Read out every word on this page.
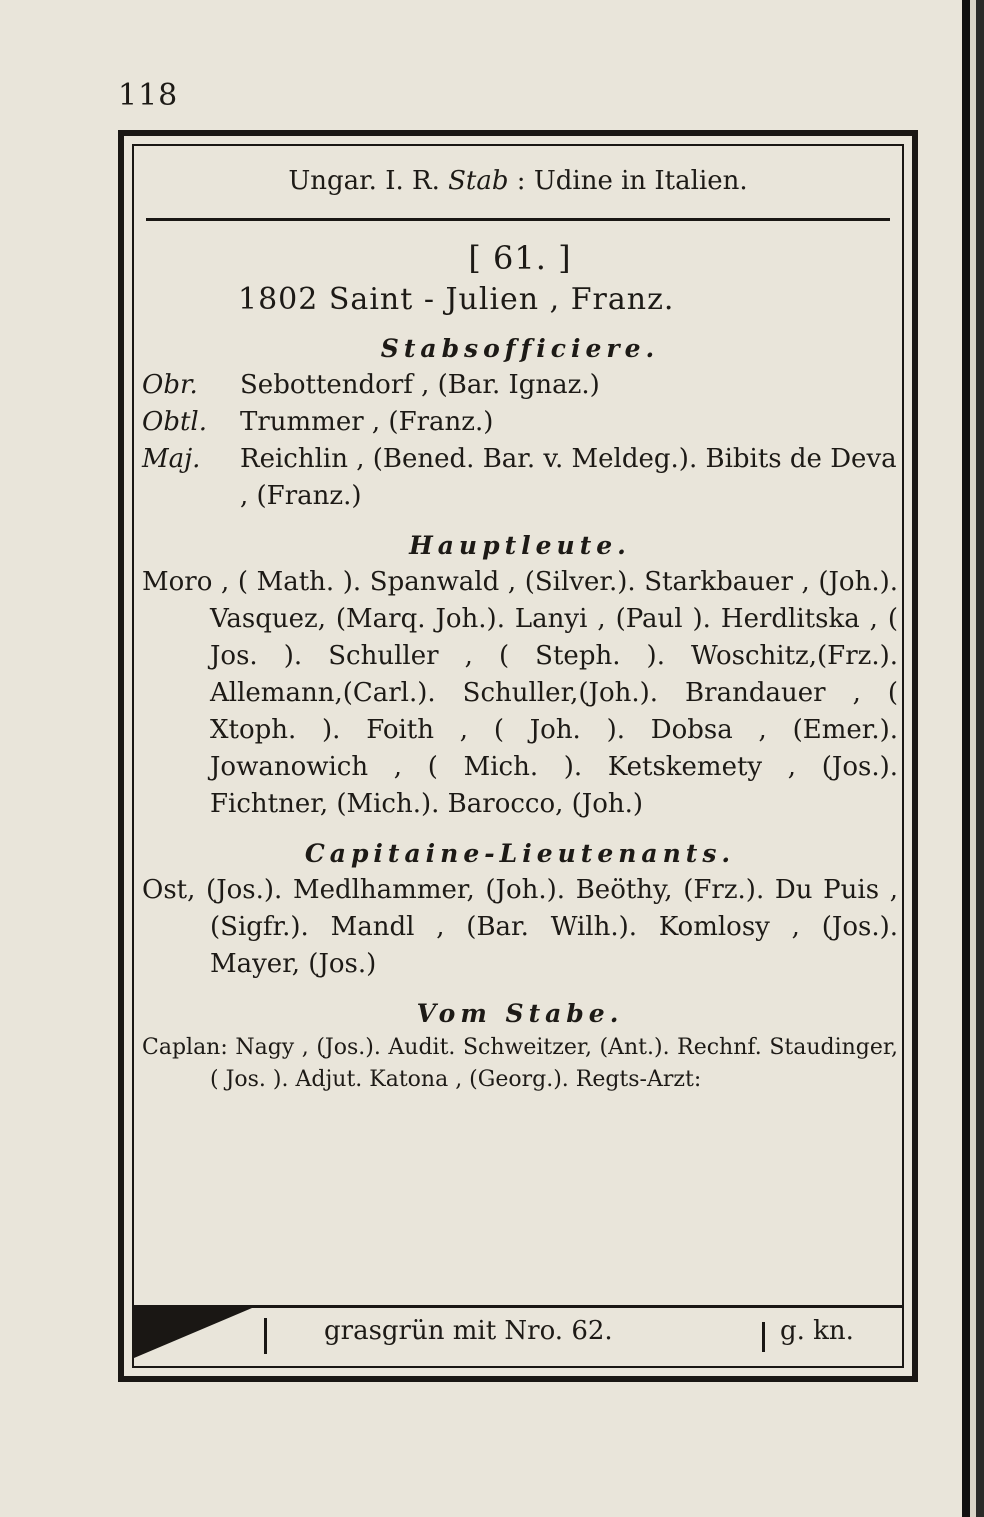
118
Ungar. I. R. Stab : Udine in Italien.
[ 61. ]
1802 Saint - Julien , Franz.
Stabsofficiere.
Obr.	Sebottendorf , (Bar. Ignaz.)
Obtl.	Trummer , (Franz.)
Maj.	Reichlin , (Bened. Bar. v. Meldeg.). Bibits de Deva , (Franz.)
Hauptleute.
Moro , ( Math. ). Spanwald , (Silver.). Starkbauer , (Joh.). Vasquez, (Marq. Joh.). Lanyi , (Paul ). Herdlitska , ( Jos. ). Schuller , ( Steph. ). Woschitz,(Frz.). Allemann,(Carl.). Schuller,(Joh.). Brandauer , ( Xtoph. ). Foith , ( Joh. ). Dobsa , (Emer.). Jowanowich , ( Mich. ). Ketskemety , (Jos.). Fichtner, (Mich.). Barocco, (Joh.)
Capitaine-Lieutenants.
Ost, (Jos.). Medlhammer, (Joh.). Beöthy, (Frz.). Du Puis , (Sigfr.). Mandl , (Bar. Wilh.). Komlosy , (Jos.). Mayer, (Jos.)
Vom Stabe.
Caplan: Nagy , (Jos.). Audit. Schweitzer, (Ant.). Rechnf. Staudinger, ( Jos. ). Adjut. Katona , (Georg.). Regts-Arzt:
grasgrün mit Nro. 62.	g. kn.
